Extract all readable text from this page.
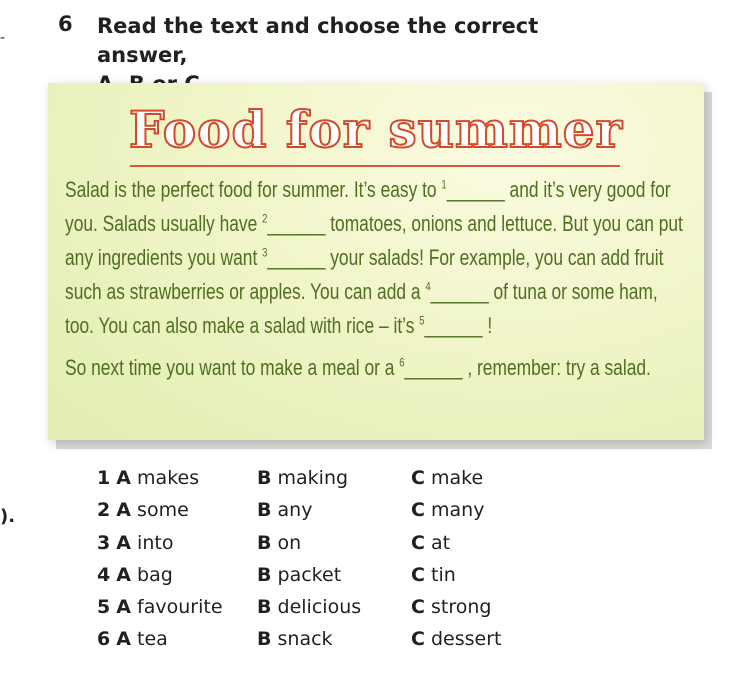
-
).
6 Read the text and choose the correct answer,
Food for summer

Salad is the perfect food for summer. It’s easy to $^1$______ and it’s very good for you. Salads usually have $^2$______ tomatoes, onions and lettuce. But you can put any ingredients you want $^3$______ your salads! For example, you can add fruit such as strawberries or apples. You can add a $^4$______ of tuna or some ham, too. You can also make a salad with rice – it’s $^5$______ !

So next time you want to make a meal or a $^6$______ , remember: try a salad.

1 A makes	B making	C make
2 A some	B any	C many
3 A into	B on	C at
4 A bag	B packet	C tin
5 A favourite B delicious	C strong
6 A tea	B snack	C dessert
